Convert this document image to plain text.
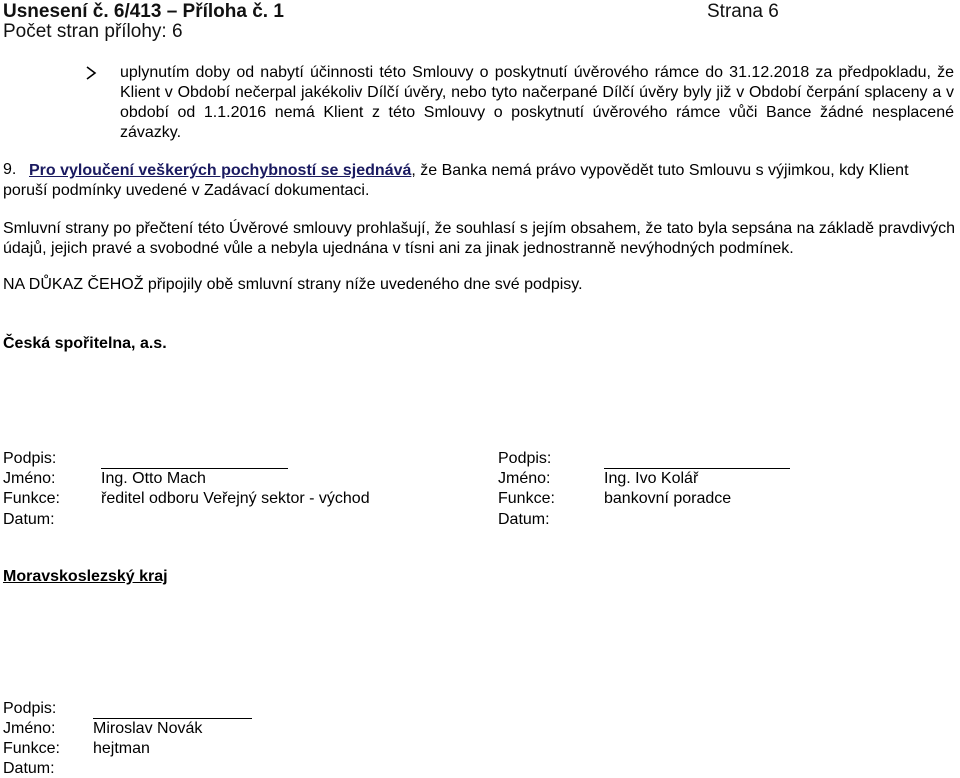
Usnesení č. 6/413 – Příloha č. 1	Strana 6
Počet stran přílohy: 6
uplynutím doby od nabytí účinnosti této Smlouvy o poskytnutí úvěrového rámce do 31.12.2018 za předpokladu, že Klient v Období nečerpal jakékoliv Dílčí úvěry, nebo tyto načerpané Dílčí úvěry byly již v Období čerpání splaceny a v období od 1.1.2016 nemá Klient z této Smlouvy o poskytnutí úvěrového rámce vůči Bance žádné nesplacené závazky.
9. Pro vyloučení veškerých pochybností se sjednává, že Banka nemá právo vypovědět tuto Smlouvu s výjimkou, kdy Klient poruší podmínky uvedené v Zadávací dokumentaci.
Smluvní strany po přečtení této Úvěrové smlouvy prohlašují, že souhlasí s jejím obsahem, že tato byla sepsána na základě pravdivých údajů, jejich pravé a svobodné vůle a nebyla ujednána v tísni ani za jinak jednostranně nevýhodných podmínek.
NA DŮKAZ ČEHOŽ připojily obě smluvní strany níže uvedeného dne své podpisy.
Česká spořitelna, a.s.
Podpis:
Jméno:	Ing. Otto Mach
Funkce:	ředitel odboru Veřejný sektor - východ
Datum:
Podpis:
Jméno:	Ing. Ivo Kolář
Funkce:	bankovní poradce
Datum:
Moravskoslezský kraj
Podpis:
Jméno: Miroslav Novák
Funkce: hejtman
Datum:
